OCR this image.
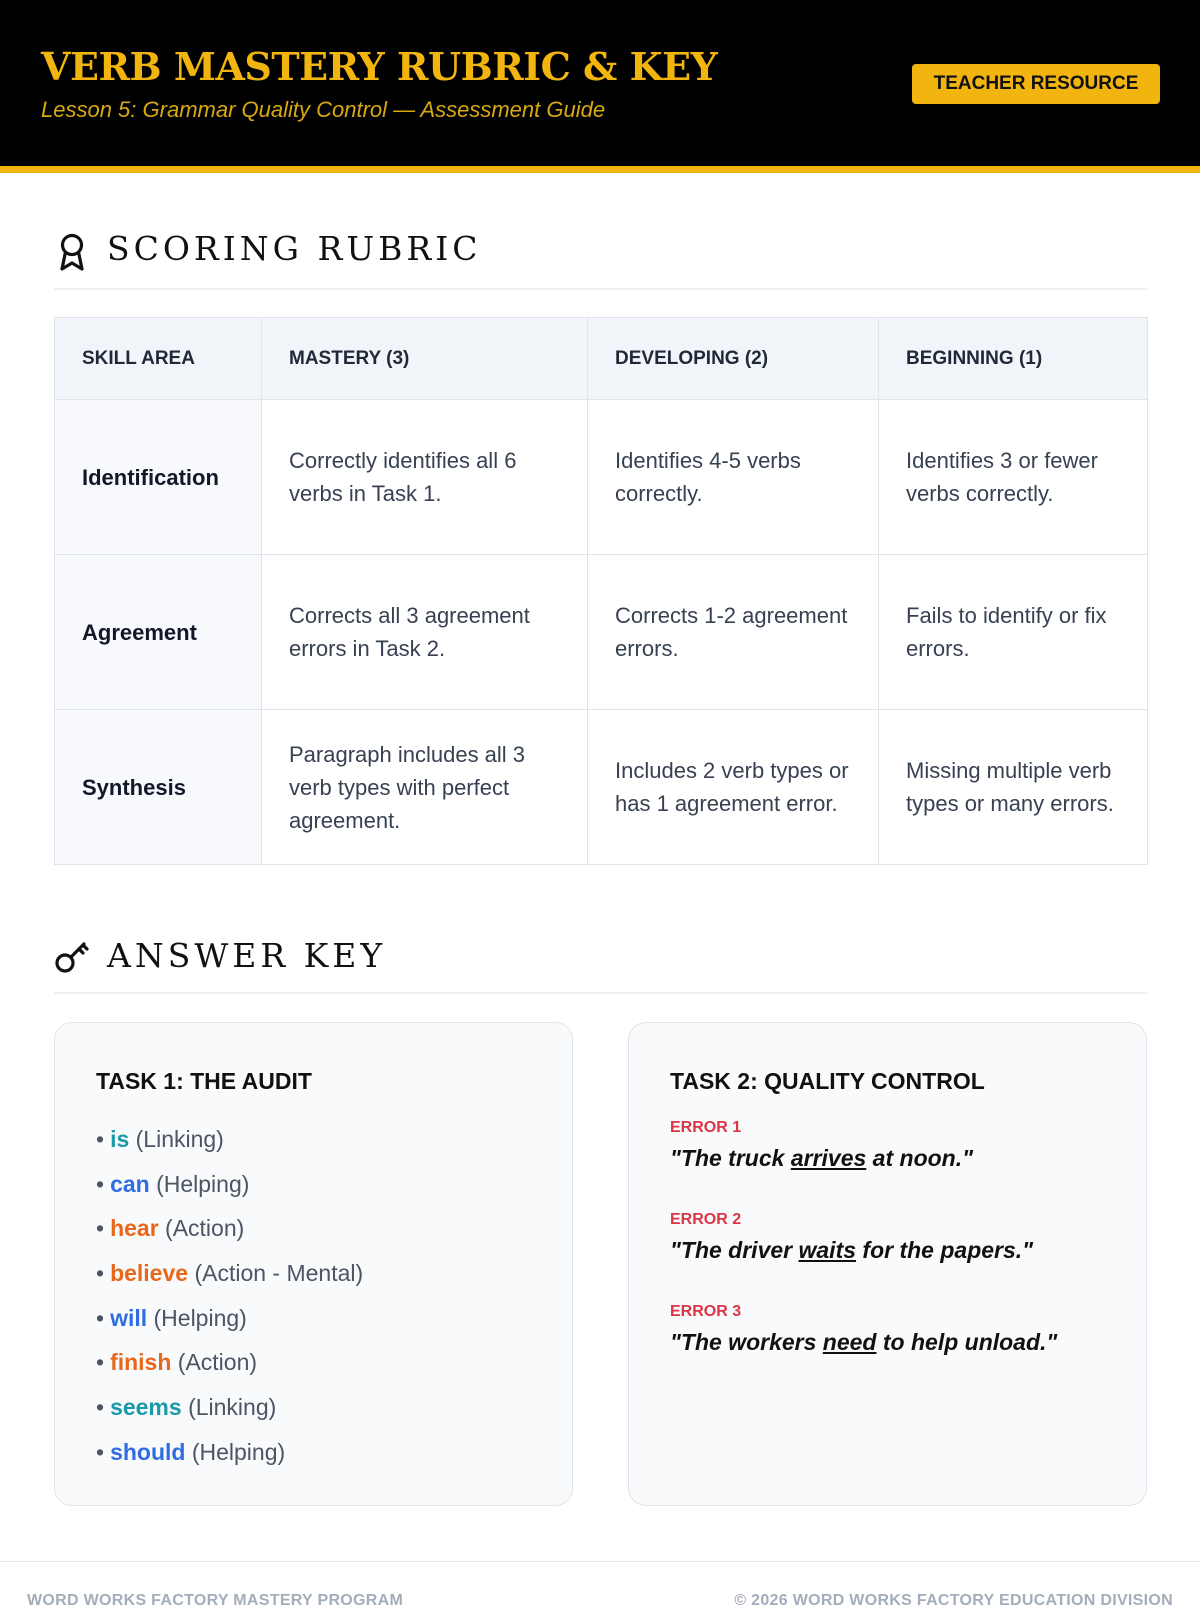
VERB MASTERY RUBRIC & KEY
Lesson 5: Grammar Quality Control — Assessment Guide
TEACHER RESOURCE
SCORING RUBRIC
SKILL AREA	MASTERY (3)	DEVELOPING (2)	BEGINNING (1)
Identification	Correctly identifies all 6 verbs in Task 1.	Identifies 4-5 verbs correctly.	Identifies 3 or fewer verbs correctly.
Agreement	Corrects all 3 agreement errors in Task 2.	Corrects 1-2 agreement errors.	Fails to identify or fix errors.
Synthesis	Paragraph includes all 3 verb types with perfect agreement.	Includes 2 verb types or has 1 agreement error.	Missing multiple verb types or many errors.
ANSWER KEY
TASK 1: THE AUDIT
• is (Linking)
• can (Helping)
• hear (Action)
• believe (Action - Mental)
• will (Helping)
• finish (Action)
• seems (Linking)
• should (Helping)
TASK 2: QUALITY CONTROL
ERROR 1
"The truck arrives at noon."
ERROR 2
"The driver waits for the papers."
ERROR 3
"The workers need to help unload."
WORD WORKS FACTORY MASTERY PROGRAM	© 2026 WORD WORKS FACTORY EDUCATION DIVISION
